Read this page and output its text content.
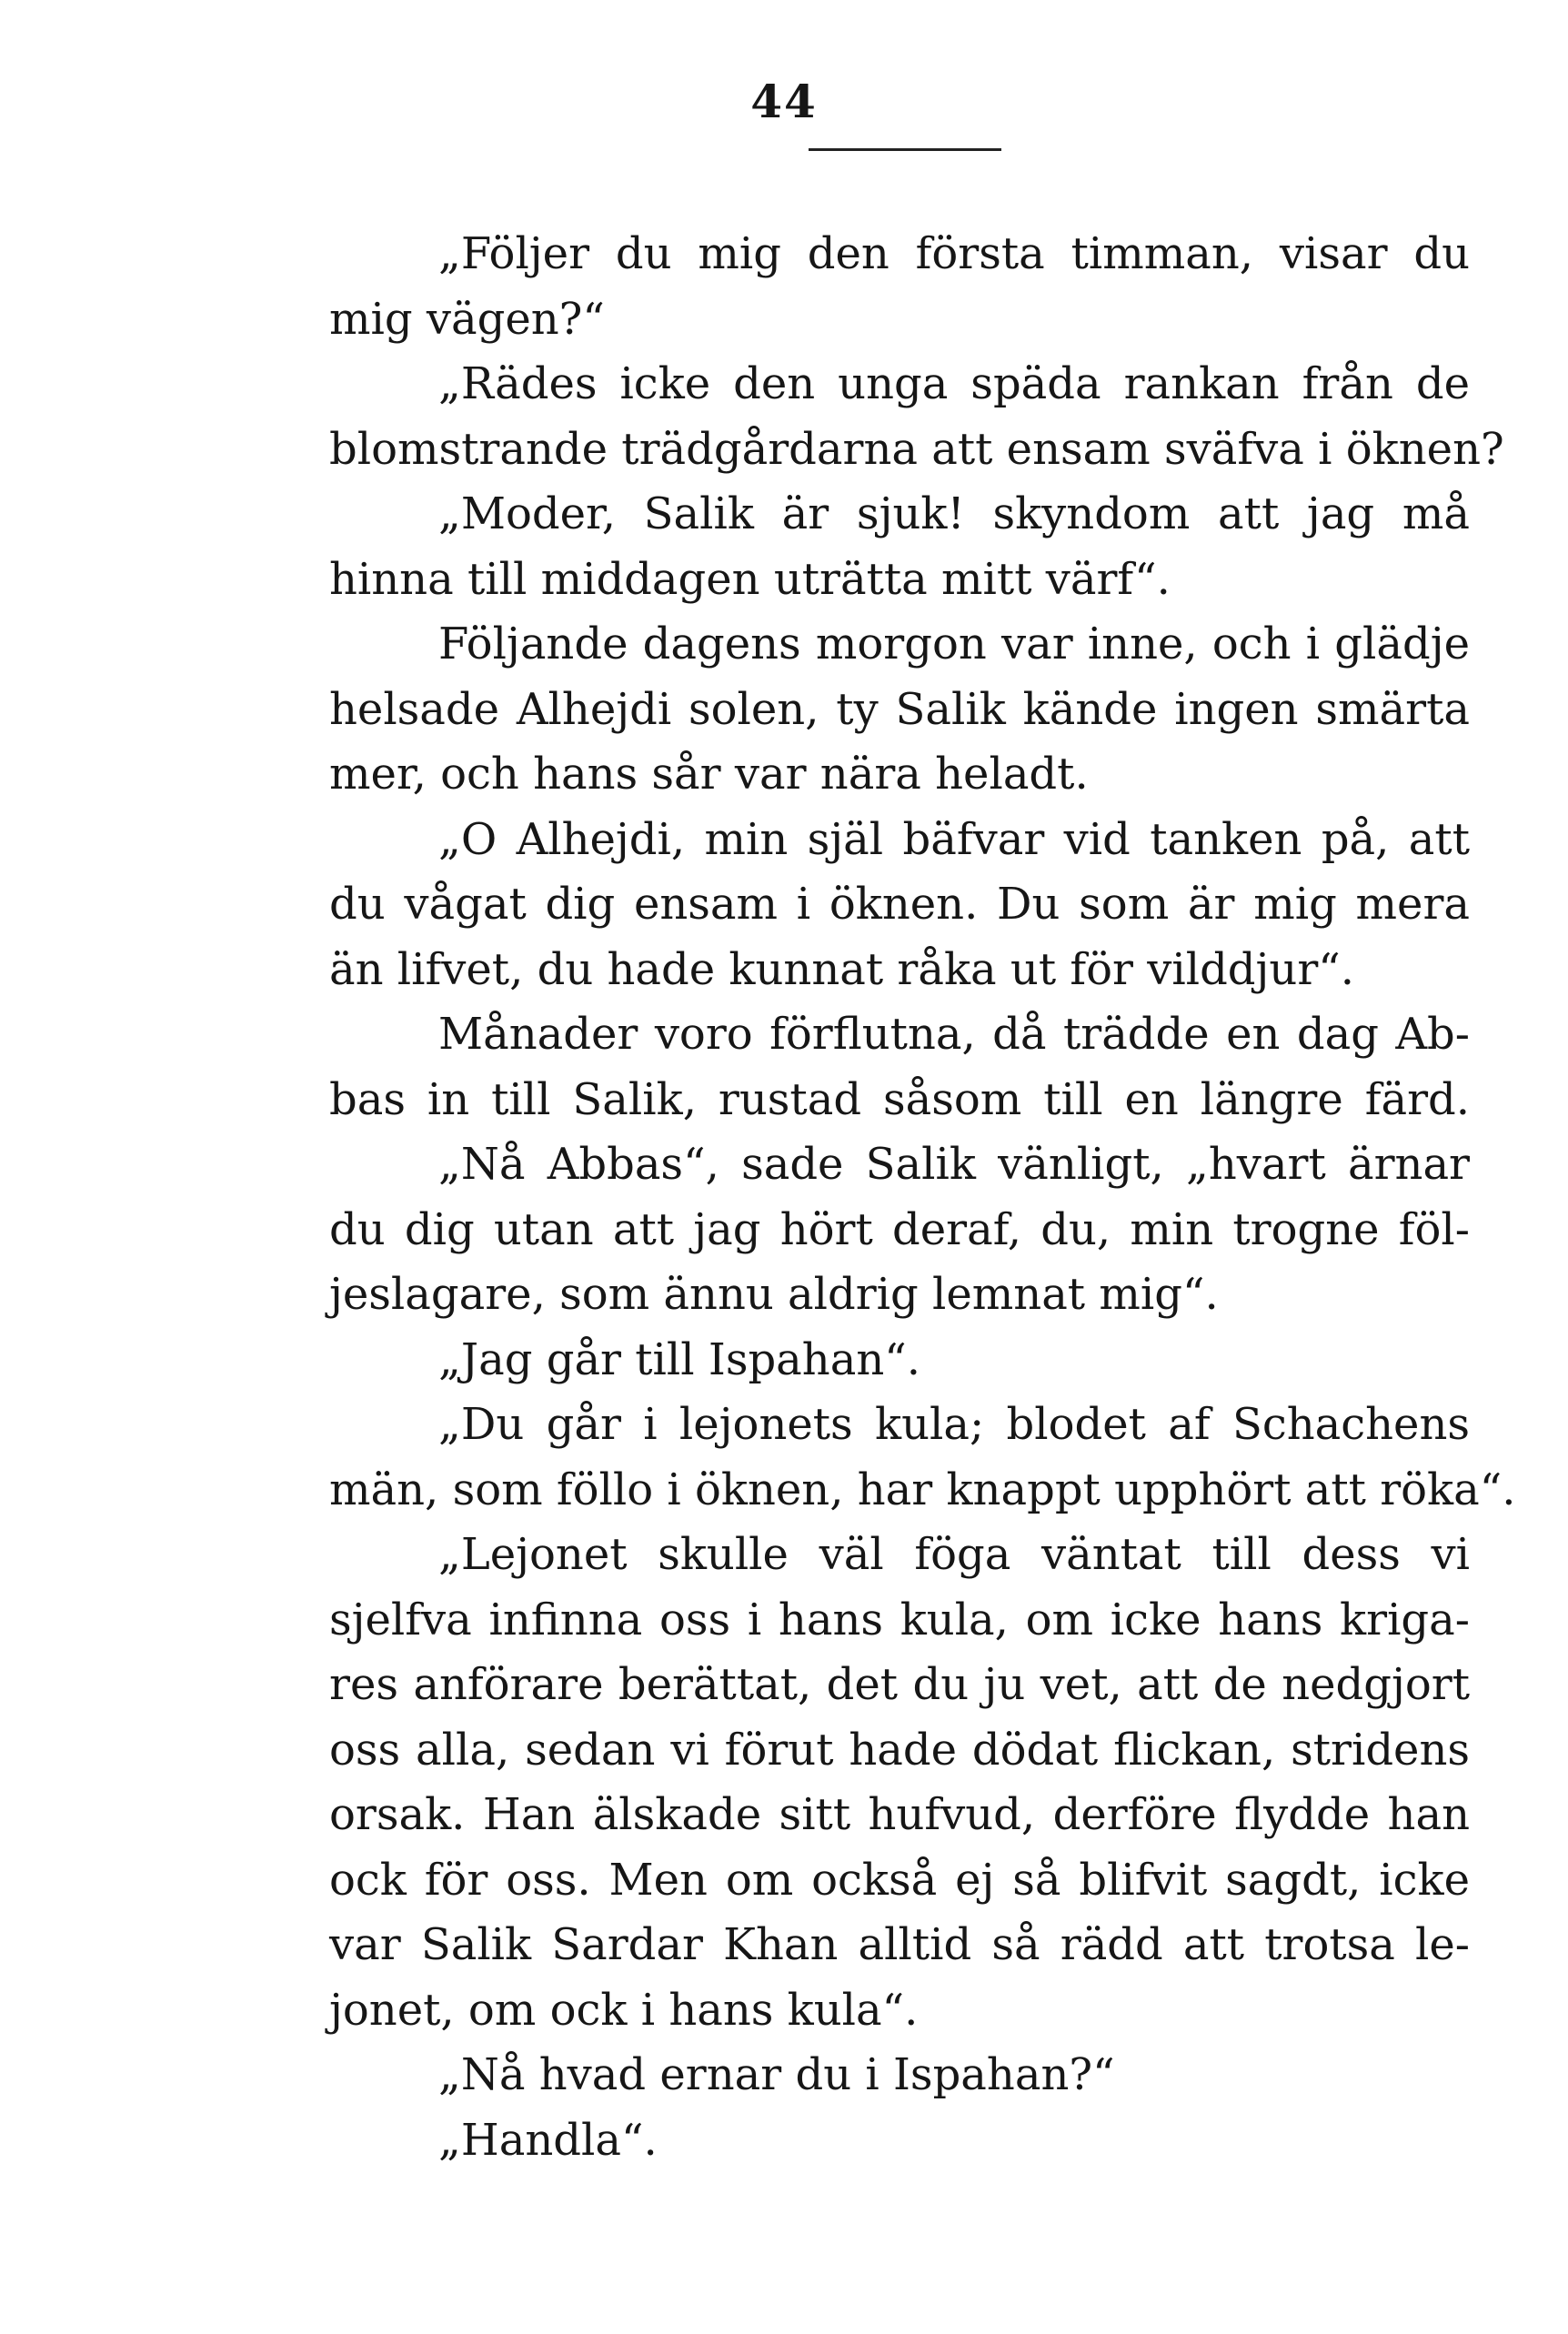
44
„Följer du mig den första timman, visar du
mig vägen?“
„Rädes icke den unga späda rankan från de
blomstrande trädgårdarna att ensam sväfva i öknen?
„Moder, Salik är sjuk! skyndom att jag må
hinna till middagen uträtta mitt värf“.
Följande dagens morgon var inne, och i glädje
helsade Alhejdi solen, ty Salik kände ingen smärta
mer, och hans sår var nära heladt.
„O Alhejdi, min själ bäfvar vid tanken på, att
du vågat dig ensam i öknen. Du som är mig mera
än lifvet, du hade kunnat råka ut för vilddjur“.
Månader voro förflutna, då trädde en dag Ab-
bas in till Salik, rustad såsom till en längre färd.
„Nå Abbas“, sade Salik vänligt, „hvart ärnar
du dig utan att jag hört deraf, du, min trogne föl-
jeslagare, som ännu aldrig lemnat mig“.
„Jag går till Ispahan“.
„Du går i lejonets kula; blodet af Schachens
män, som föllo i öknen, har knappt upphört att röka“.
„Lejonet skulle väl föga väntat till dess vi
sjelfva infinna oss i hans kula, om icke hans kriga-
res anförare berättat, det du ju vet, att de nedgjort
oss alla, sedan vi förut hade dödat flickan, stridens
orsak. Han älskade sitt hufvud, derföre flydde han
ock för oss. Men om också ej så blifvit sagdt, icke
var Salik Sardar Khan alltid så rädd att trotsa le-
jonet, om ock i hans kula“.
„Nå hvad ernar du i Ispahan?“
„Handla“.
